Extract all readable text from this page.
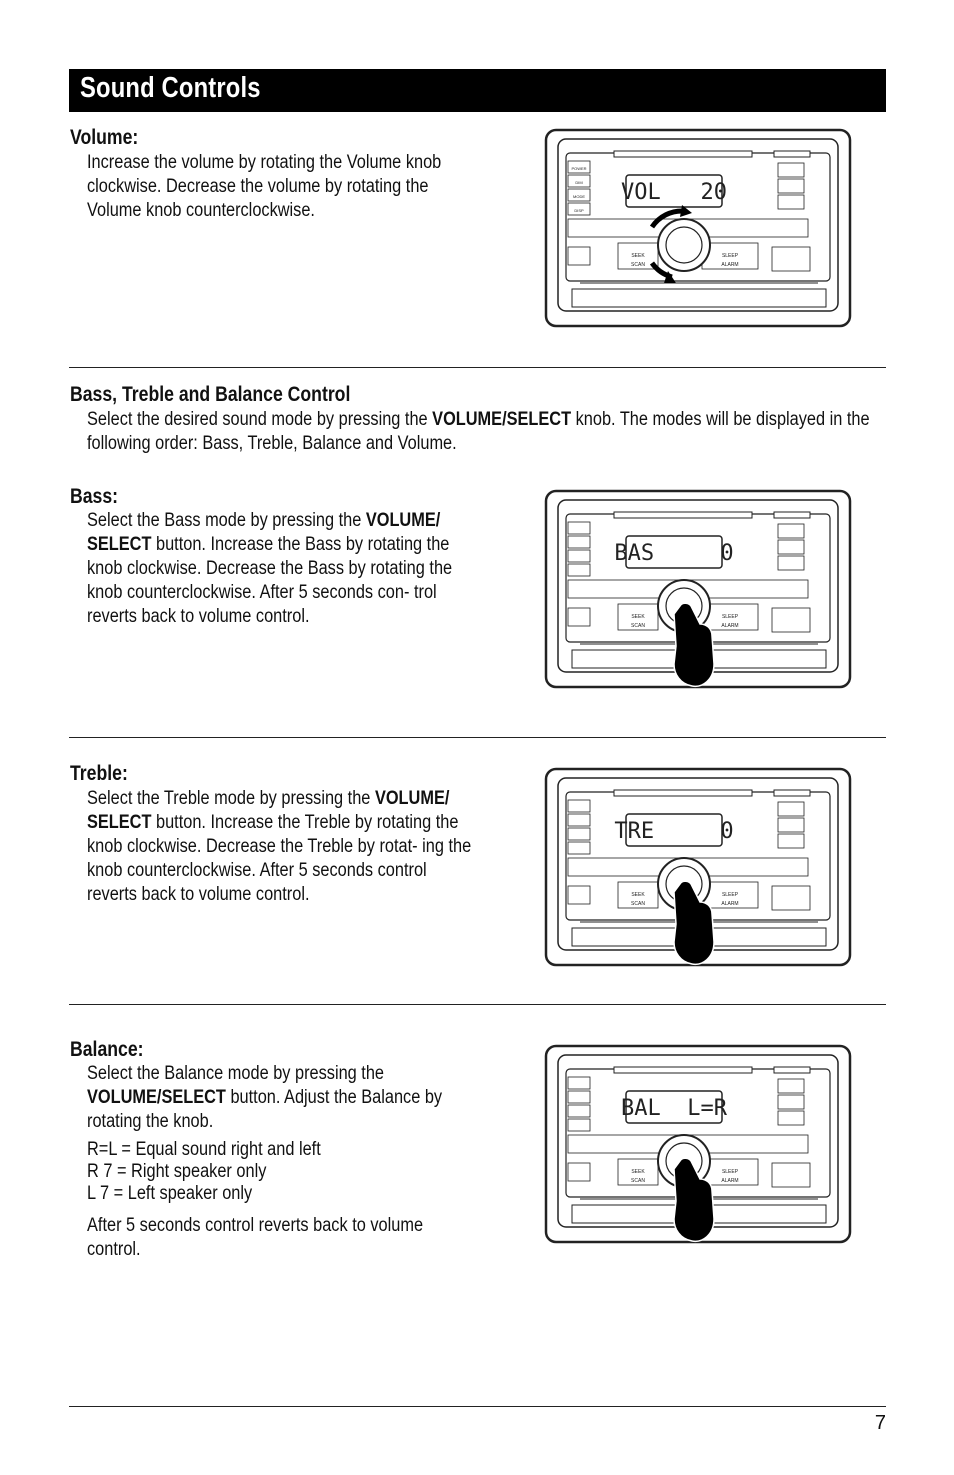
Sound Controls
Volume:

Increase the volume by rotating the Volume knob clockwise. Decrease the volume by rotating the Volume knob counterclockwise.

VOL   20
POWER
DIM
MODE
DISP
SEEK
SCAN
SLEEP
ALARM
Bass, Treble and Balance Control

Select the desired sound mode by pressing the VOLUME/SELECT knob. The modes will be displayed in the following order: Bass, Treble, Balance and Volume.

Bass:

Select the Bass mode by pressing the VOLUME/ SELECT button. Increase the Bass by rotating the knob clockwise. Decrease the Bass by rotating the knob counterclockwise. After 5 seconds con- trol reverts back to volume control.

BAS     0
SEEK
SCAN
SLEEP
ALARM
Treble:

Select the Treble mode by pressing the VOLUME/ SELECT button. Increase the Treble by rotating the knob clockwise. Decrease the Treble by rotat- ing the knob counterclockwise. After 5 seconds control reverts back to volume control.

TRE     0
SEEK
SCAN
SLEEP
ALARM
Balance:

Select the Balance mode by pressing the VOLUME/SELECT button. Adjust the Balance by rotating the knob.

R=L = Equal sound right and left

R 7 = Right speaker only

L 7 = Left speaker only

After 5 seconds control reverts back to volume control.

BAL  L=R
SEEK
SCAN
SLEEP
ALARM
7
